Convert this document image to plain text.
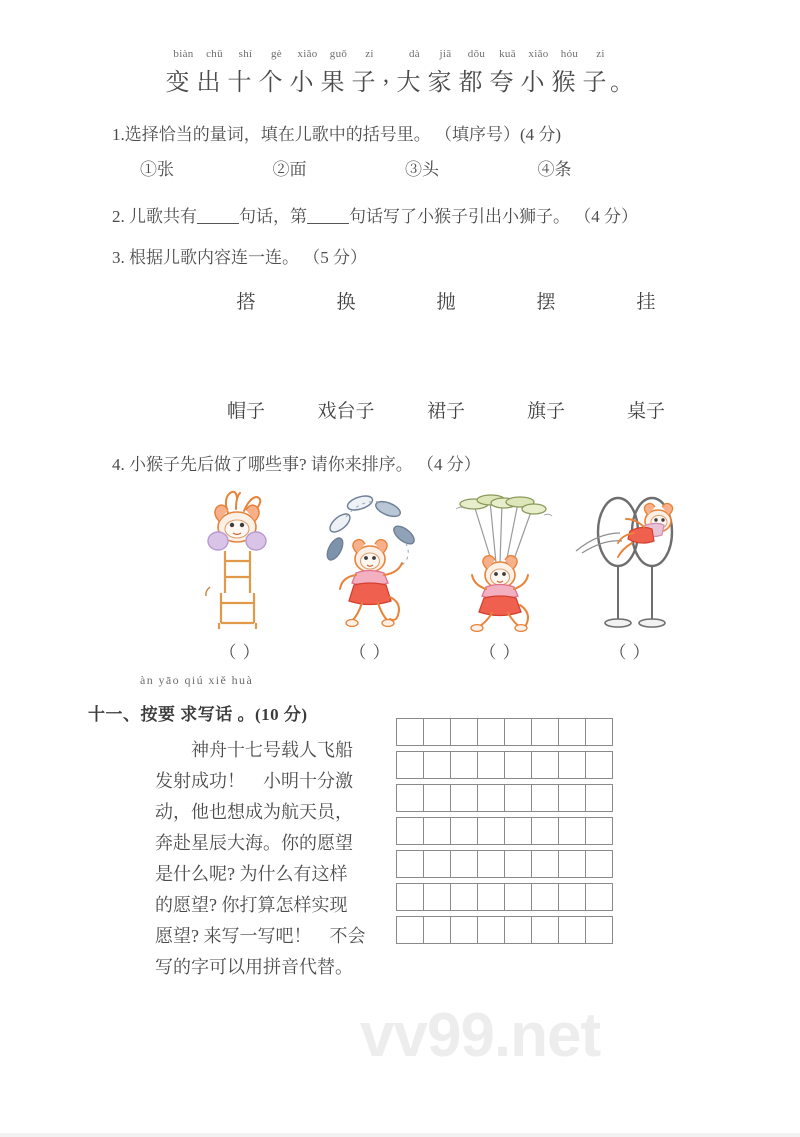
biàn	chū	shí	gè	xiǎo	guǒ	zi	dà	jiā	dōu	kuā	xiǎo	hóu	zi
变 出 十 个 小 果 子 , 大 家 都 夸 小 猴 子 。
1.选择恰当的量词，填在儿歌中的括号里。 （填序号）(4 分)
①张	②面	③头	④条
2. 儿歌共有 句话，第 句话写了小猴子引出小狮子。 （4 分）
3. 根据儿歌内容连一连。 （5 分）
搭	换	抛	摆	挂
帽子	戏台子	裙子	旗子	桌子
4. 小猴子先后做了哪些事? 请你来排序。 （4 分）
（ ）	（ ）	（ ）	（ ）
àn yāo qiú xiě huà
十一、按要 求写话 。(10 分)
　　神舟十七号载人飞船
发射成功！　小明十分激
动，他也想成为航天员，
奔赴星辰大海。你的愿望
是什么呢? 为什么有这样
的愿望? 你打算怎样实现
愿望? 来写一写吧！　不会
写的字可以用拼音代替。
vv99.net
